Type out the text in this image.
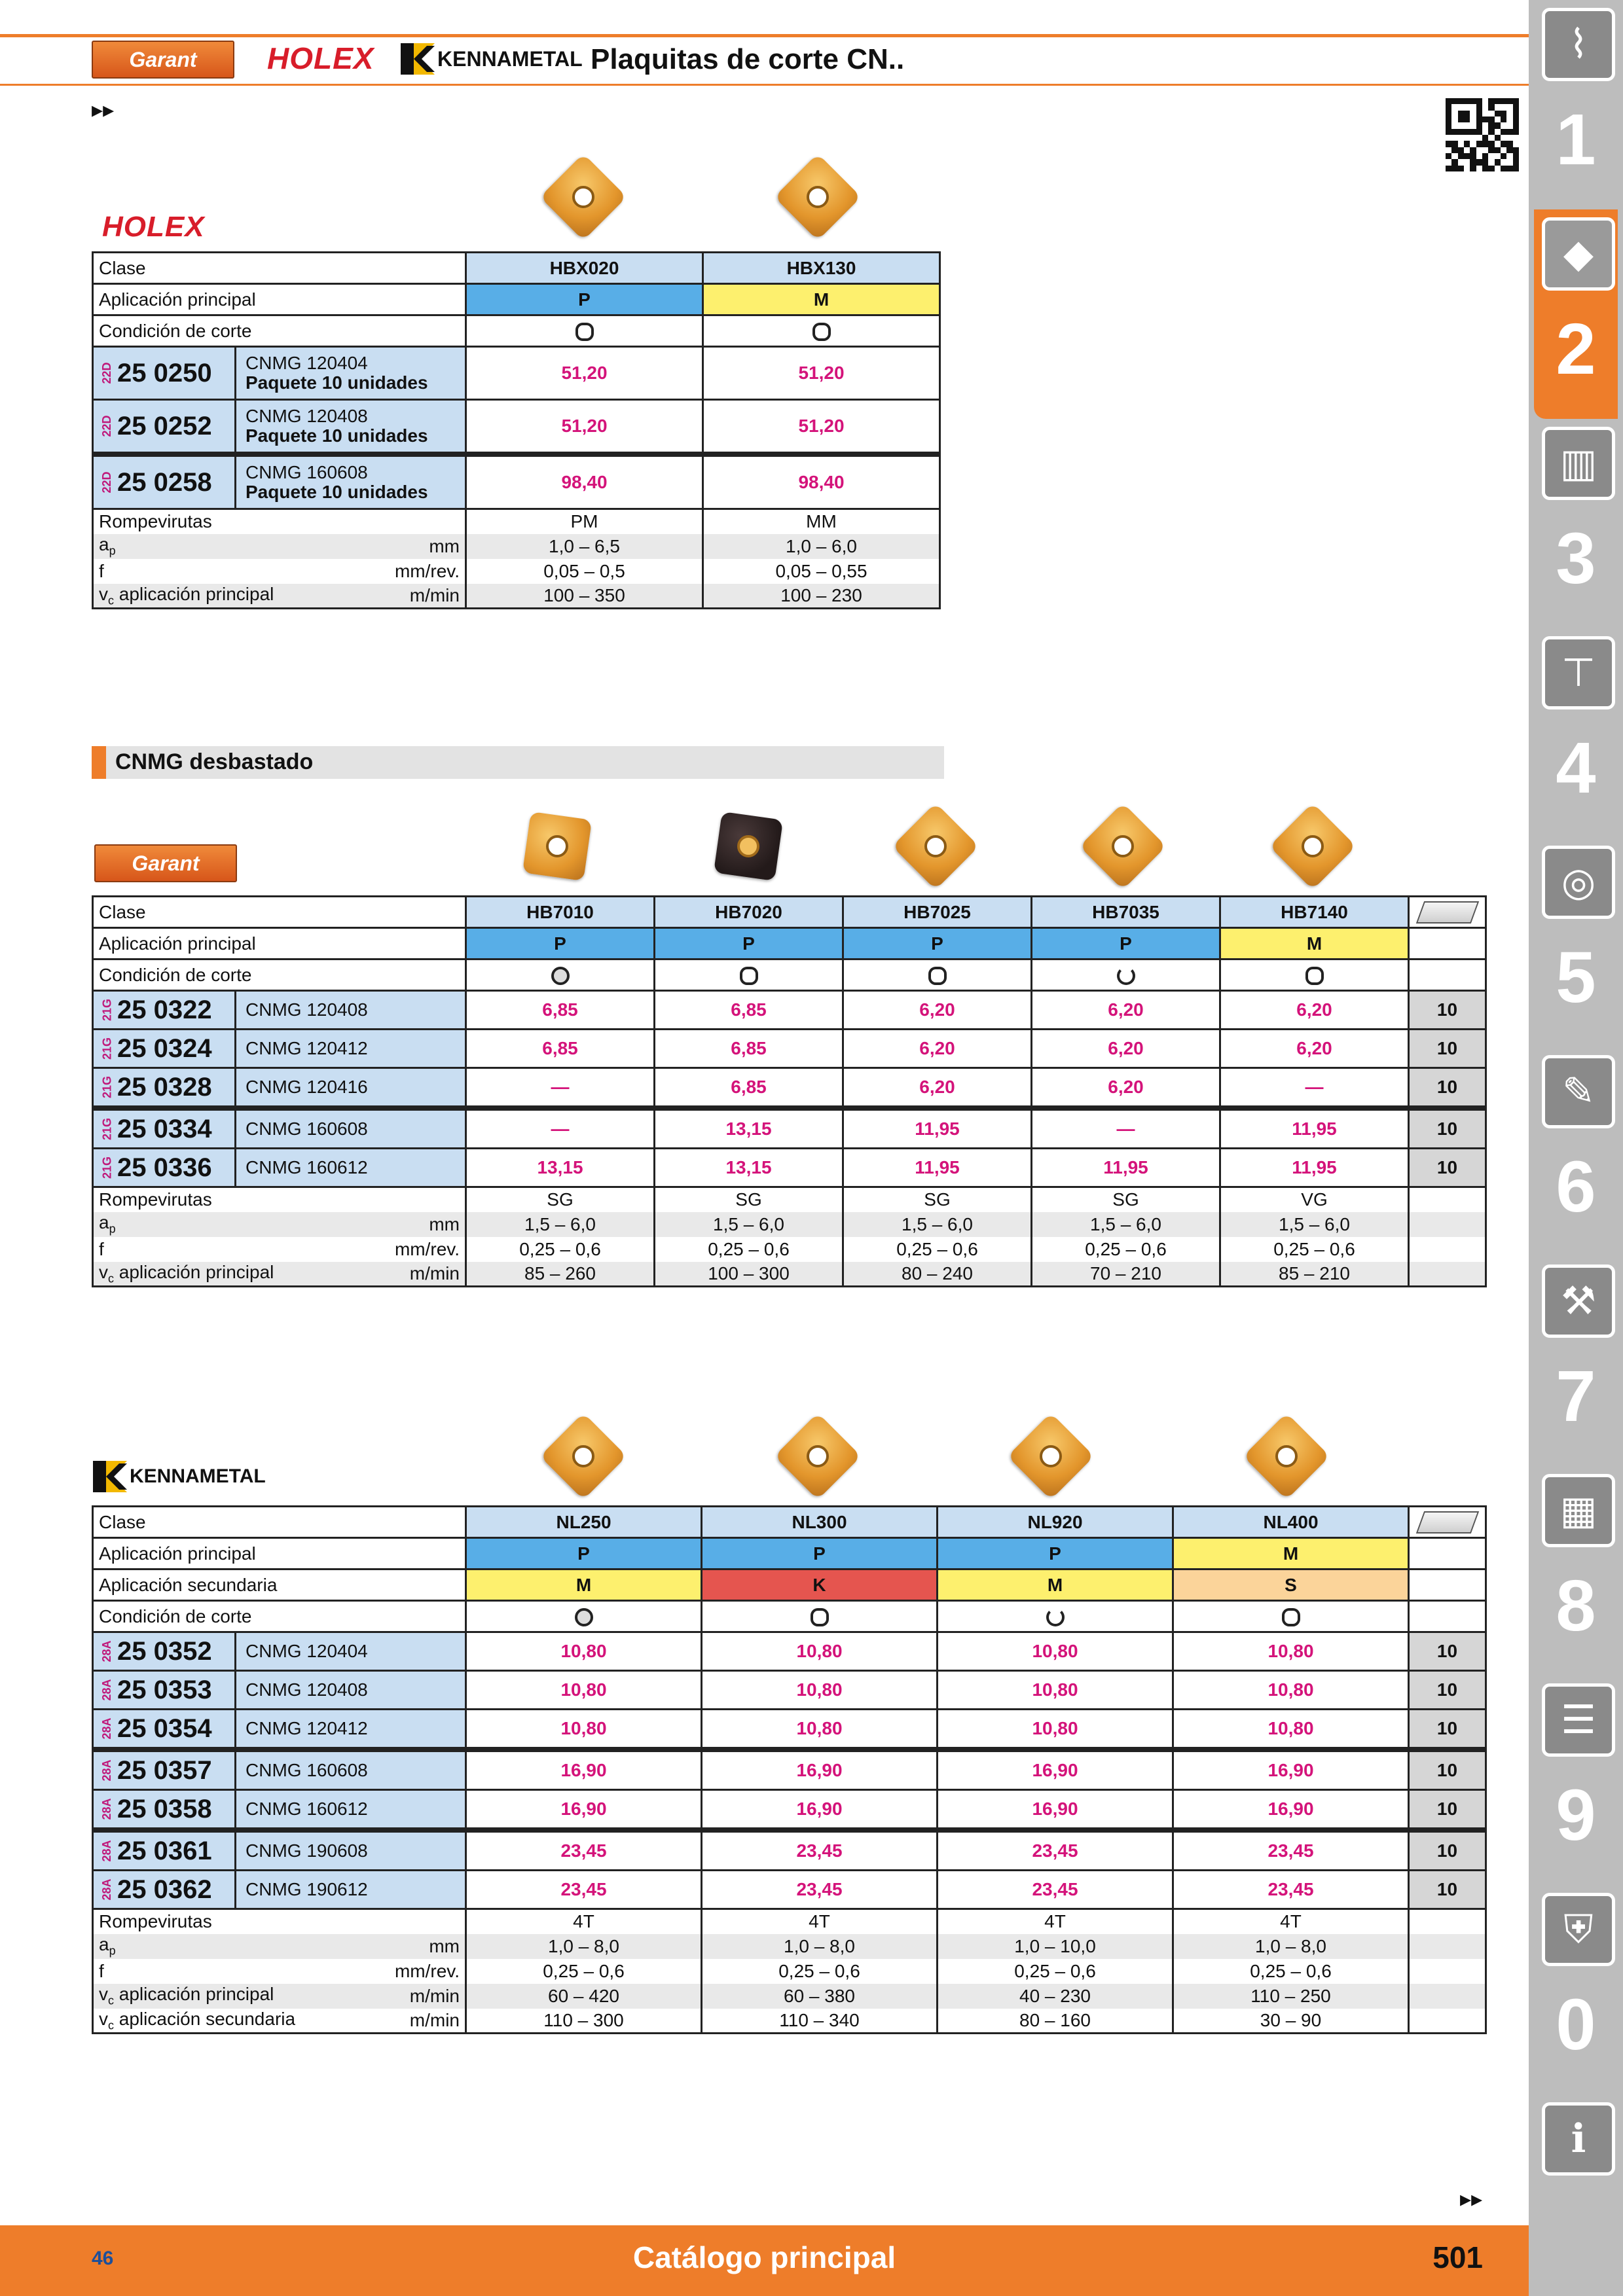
Garant	HOLEX	KENNAMETAL Plaquitas de corte CN..
▸▸
⌇
1
◆
2
▥
3
⊤
4
◎
5
✎
6
⚒
7
▦
8
☰
9
⛨
0
ℹ
HOLEX
Clase	HBX020	HBX130
Aplicación principal	P	M
Condición de corte		

22D 25 0250 CNMG 120404
Paquete 10 unidades	51,20	51,20

22D 25 0252 CNMG 120408
Paquete 10 unidades	51,20	51,20

22D 25 0258 CNMG 160608
Paquete 10 unidades	98,40	98,40
Rompevirutas	PM	MM
$a_p$ mm	1,0 – 6,5	1,0 – 6,0
f mm/rev.	0,05 – 0,5	0,05 – 0,55
$v_c$ aplicación principal m/min	100 – 350	100 – 230
CNMG desbastado
Garant
Clase	HB7010	HB7020	HB7025	HB7035	HB7140	
Aplicación principal	P	P	P	P	M	
Condición de corte						

21G 25 0322 CNMG 120408	6,85	6,85	6,20	6,20	6,20	10

21G 25 0324 CNMG 120412	6,85	6,85	6,20	6,20	6,20	10

21G 25 0328 CNMG 120416	—	6,85	6,20	6,20	—	10

21G 25 0334 CNMG 160608	—	13,15	11,95	—	11,95	10

21G 25 0336 CNMG 160612	13,15	13,15	11,95	11,95	11,95	10
Rompevirutas	SG	SG	SG	SG	VG	
$a_p$ mm	1,5 – 6,0	1,5 – 6,0	1,5 – 6,0	1,5 – 6,0	1,5 – 6,0	
f mm/rev.	0,25 – 0,6	0,25 – 0,6	0,25 – 0,6	0,25 – 0,6	0,25 – 0,6	
$v_c$ aplicación principal m/min	85 – 260	100 – 300	80 – 240	70 – 210	85 – 210	
KENNAMETAL
Clase	NL250	NL300	NL920	NL400	
Aplicación principal	P	P	P	M	
Aplicación secundaria	M	K	M	S	
Condición de corte					

28A 25 0352 CNMG 120404	10,80	10,80	10,80	10,80	10

28A 25 0353 CNMG 120408	10,80	10,80	10,80	10,80	10

28A 25 0354 CNMG 120412	10,80	10,80	10,80	10,80	10

28A 25 0357 CNMG 160608	16,90	16,90	16,90	16,90	10

28A 25 0358 CNMG 160612	16,90	16,90	16,90	16,90	10

28A 25 0361 CNMG 190608	23,45	23,45	23,45	23,45	10

28A 25 0362 CNMG 190612	23,45	23,45	23,45	23,45	10
Rompevirutas	4T	4T	4T	4T	
$a_p$ mm	1,0 – 8,0	1,0 – 8,0	1,0 – 10,0	1,0 – 8,0	
f mm/rev.	0,25 – 0,6	0,25 – 0,6	0,25 – 0,6	0,25 – 0,6	
$v_c$ aplicación principal m/min	60 – 420	60 – 380	40 – 230	110 – 250	
$v_c$ aplicación secundaria m/min	110 – 300	110 – 340	80 – 160	30 – 90	
▸▸
46	Catálogo principal	501
